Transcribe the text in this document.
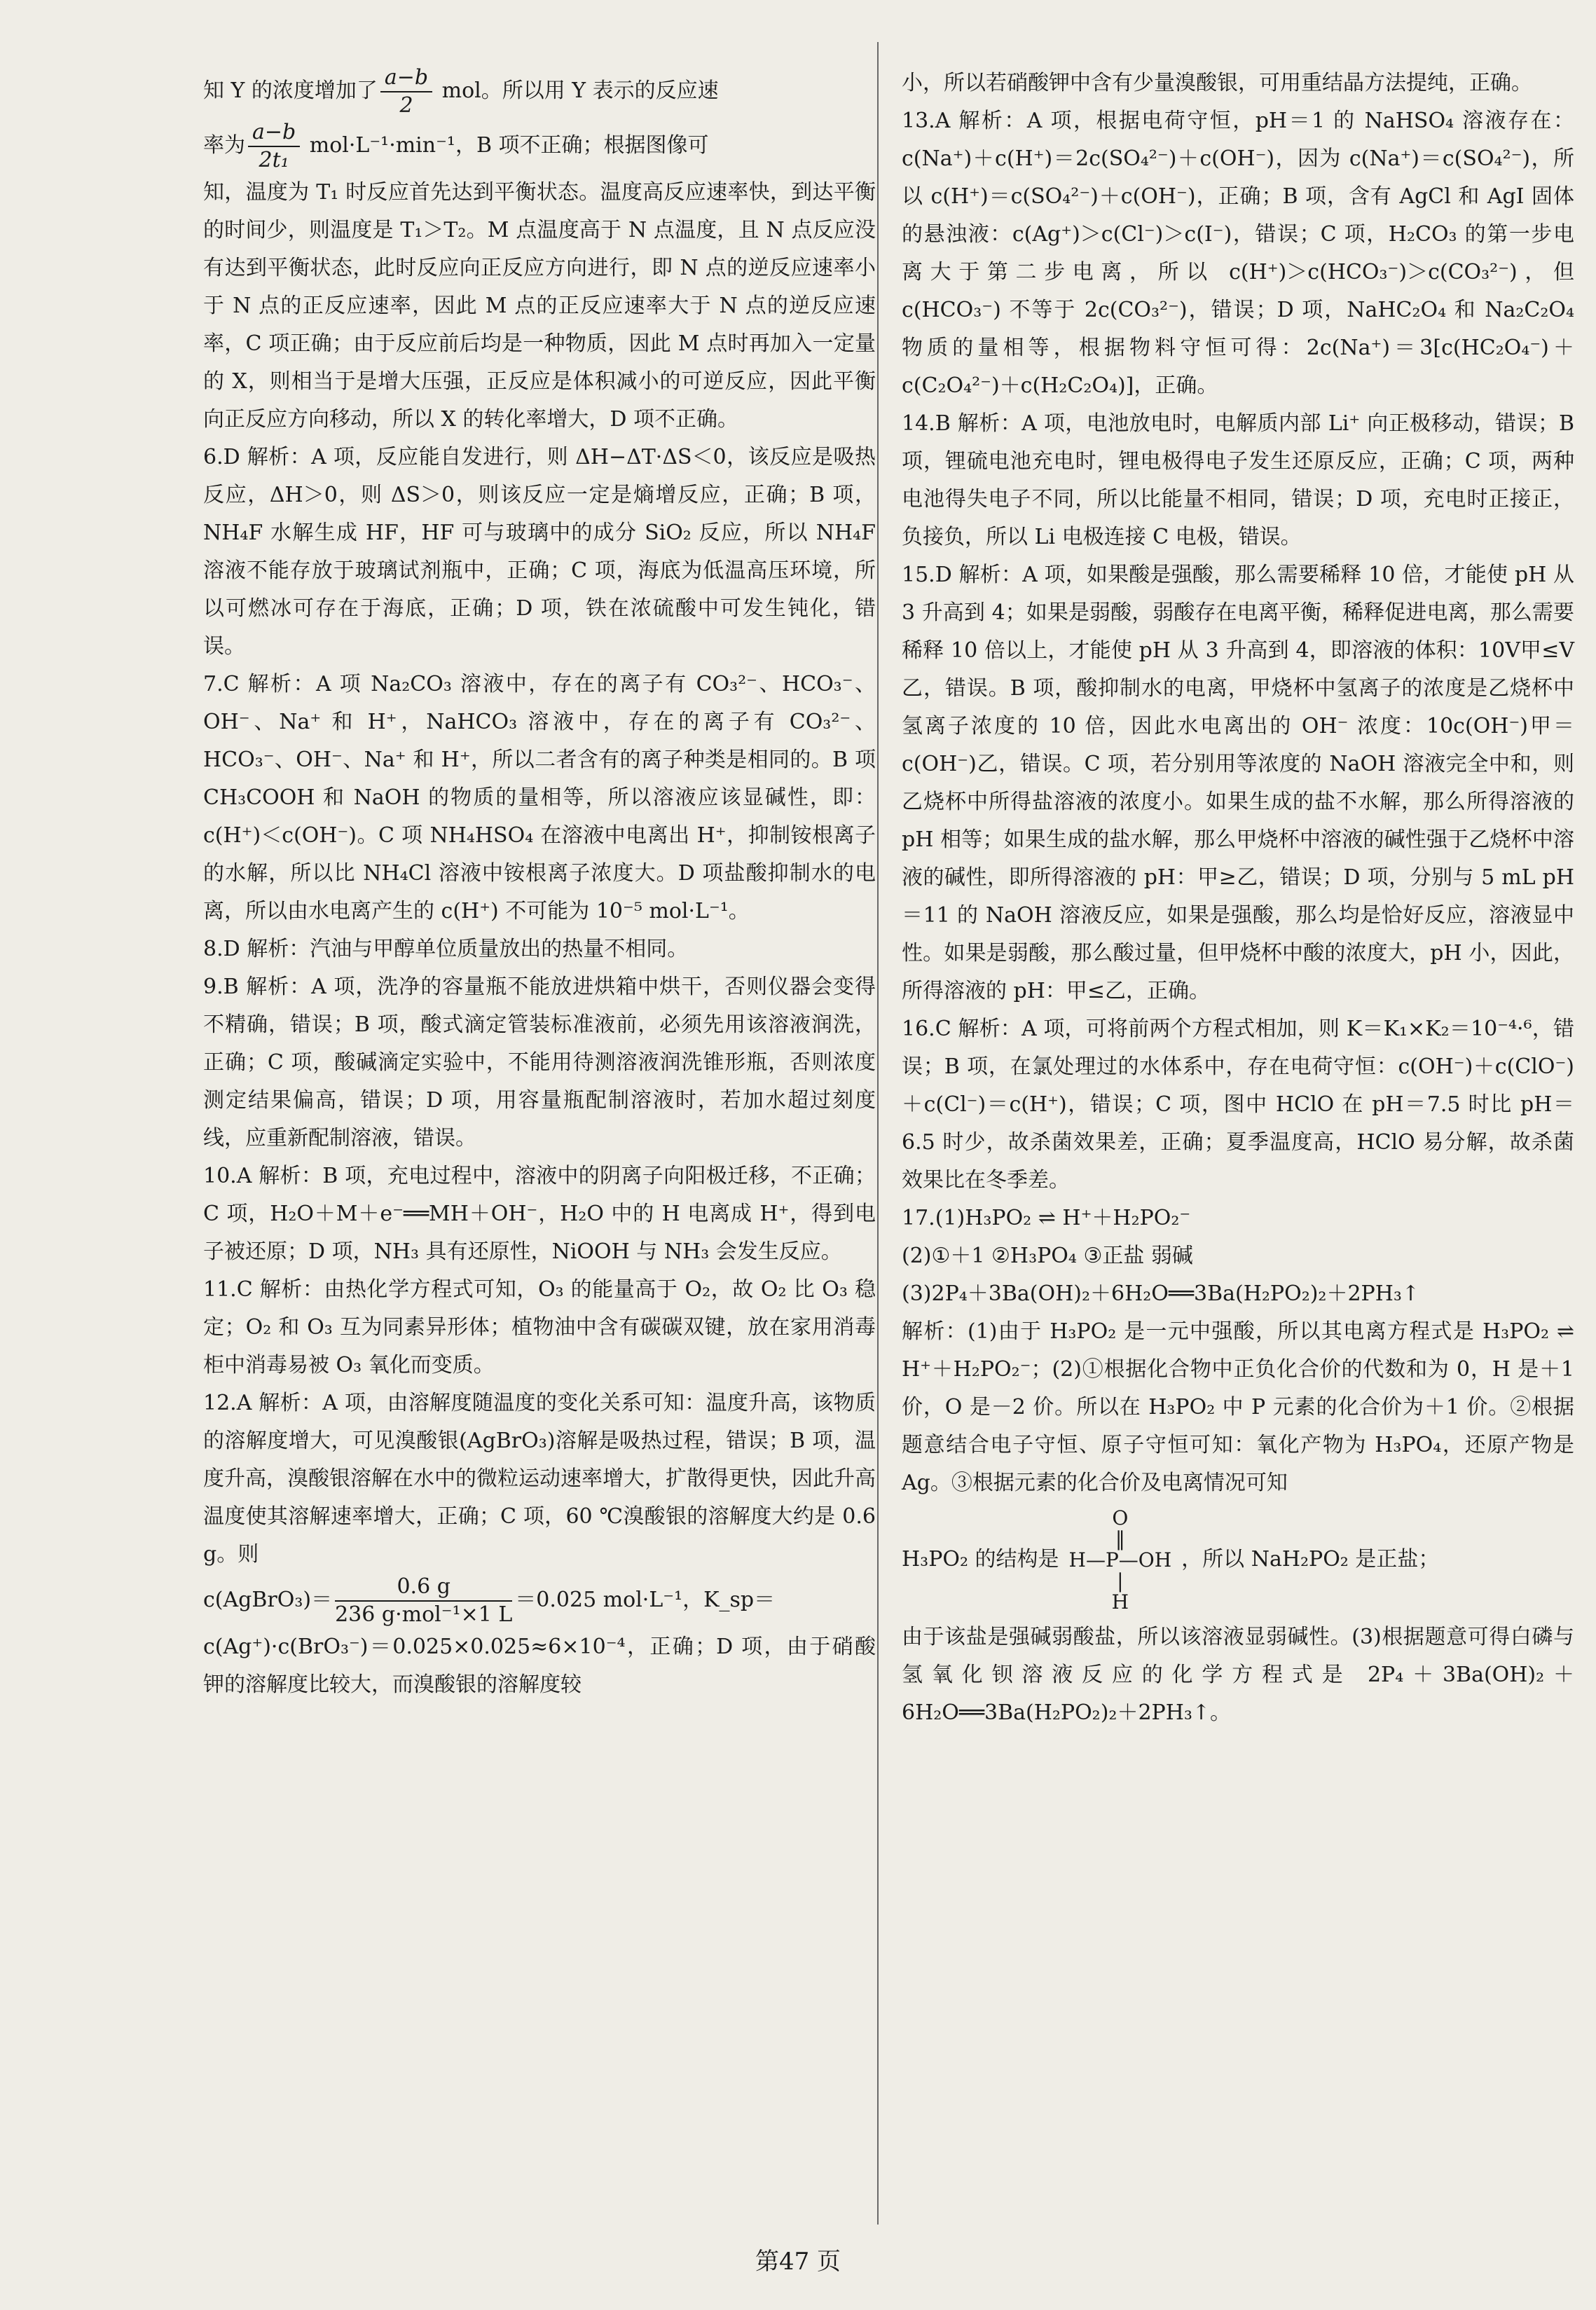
知 Y 的浓度增加了 $\frac{a-b}{2}$ mol。所以用 Y 表示的反应速

率为 $\frac{a-b}{\text{2t₁}} mol\cdot L^{-1}\cdot\min^{-1}$，B 项不正确；根据图像可

知，温度为 T₁ 时反应首先达到平衡状态。温度高反应速率快，到达平衡的时间少，则温度是 T₁＞T₂。M 点温度高于 N 点温度，且 N 点反应没有达到平衡状态，此时反应向正反应方向进行，即 N 点的逆反应速率小于 N 点的正反应速率，因此 M 点的正反应速率大于 N 点的逆反应速率，C 项正确；由于反应前后均是一种物质，因此 M 点时再加入一定量的 X，则相当于是增大压强，正反应是体积减小的可逆反应，因此平衡向正反应方向移动，所以 X 的转化率增大，D 项不正确。

6.D 解析：A 项，反应能自发进行，则 ΔH−ΔT·ΔS＜0，该反应是吸热反应，ΔH＞0，则 ΔS＞0，则该反应一定是熵增反应，正确；B 项，NH₄F 水解生成 HF，HF 可与玻璃中的成分 SiO₂ 反应，所以 NH₄F 溶液不能存放于玻璃试剂瓶中，正确；C 项，海底为低温高压环境，所以可燃冰可存在于海底，正确；D 项，铁在浓硫酸中可发生钝化，错误。

7.C 解析：A 项 Na₂CO₃ 溶液中，存在的离子有 CO₃²⁻、HCO₃⁻、OH⁻、Na⁺ 和 H⁺，NaHCO₃ 溶液中，存在的离子有 CO₃²⁻、HCO₃⁻、OH⁻、Na⁺ 和 H⁺，所以二者含有的离子种类是相同的。B 项 CH₃COOH 和 NaOH 的物质的量相等，所以溶液应该显碱性，即：c(H⁺)＜c(OH⁻)。C 项 NH₄HSO₄ 在溶液中电离出 H⁺，抑制铵根离子的水解，所以比 NH₄Cl 溶液中铵根离子浓度大。D 项盐酸抑制水的电离，所以由水电离产生的 c(H⁺) 不可能为 10⁻⁵ mol·L⁻¹。

8.D 解析：汽油与甲醇单位质量放出的热量不相同。

9.B 解析：A 项，洗净的容量瓶不能放进烘箱中烘干，否则仪器会变得不精确，错误；B 项，酸式滴定管装标准液前，必须先用该溶液润洗，正确；C 项，酸碱滴定实验中，不能用待测溶液润洗锥形瓶，否则浓度测定结果偏高，错误；D 项，用容量瓶配制溶液时，若加水超过刻度线，应重新配制溶液，错误。

10.A 解析：B 项，充电过程中，溶液中的阴离子向阳极迁移，不正确；C 项，H₂O＋M＋e⁻══MH＋OH⁻，H₂O 中的 H 电离成 H⁺，得到电子被还原；D 项，NH₃ 具有还原性，NiOOH 与 NH₃ 会发生反应。

11.C 解析：由热化学方程式可知，O₃ 的能量高于 O₂，故 O₂ 比 O₃ 稳定；O₂ 和 O₃ 互为同素异形体；植物油中含有碳碳双键，放在家用消毒柜中消毒易被 O₃ 氧化而变质。

12.A 解析：A 项，由溶解度随温度的变化关系可知：温度升高，该物质的溶解度增大，可见溴酸银(AgBrO₃)溶解是吸热过程，错误；B 项，温度升高，溴酸银溶解在水中的微粒运动速率增大，扩散得更快，因此升高温度使其溶解速率增大，正确；C 项，60 ℃溴酸银的溶解度大约是 0.6 g。则

c(AgBrO₃)＝ $\frac{0.6 g}{\text{236 g·mol⁻¹×1 L}} =0.025$ mol·L⁻¹，K_sp＝

c(Ag⁺)·c(BrO₃⁻)＝0.025×0.025≈6×10⁻⁴，正确；D 项，由于硝酸钾的溶解度比较大，而溴酸银的溶解度较

小，所以若硝酸钾中含有少量溴酸银，可用重结晶方法提纯，正确。

13.A 解析：A 项，根据电荷守恒，pH＝1 的 NaHSO₄ 溶液存在：c(Na⁺)＋c(H⁺)＝2c(SO₄²⁻)＋c(OH⁻)，因为 c(Na⁺)＝c(SO₄²⁻)，所以 c(H⁺)＝c(SO₄²⁻)＋c(OH⁻)，正确；B 项，含有 AgCl 和 AgI 固体的悬浊液：c(Ag⁺)＞c(Cl⁻)＞c(I⁻)，错误；C 项，H₂CO₃ 的第一步电离大于第二步电离，所以 c(H⁺)＞c(HCO₃⁻)＞c(CO₃²⁻)，但 c(HCO₃⁻) 不等于 2c(CO₃²⁻)，错误；D 项，NaHC₂O₄ 和 Na₂C₂O₄ 物质的量相等，根据物料守恒可得：2c(Na⁺)＝3[c(HC₂O₄⁻)＋c(C₂O₄²⁻)＋c(H₂C₂O₄)]，正确。

14.B 解析：A 项，电池放电时，电解质内部 Li⁺ 向正极移动，错误；B 项，锂硫电池充电时，锂电极得电子发生还原反应，正确；C 项，两种电池得失电子不同，所以比能量不相同，错误；D 项，充电时正接正，负接负，所以 Li 电极连接 C 电极，错误。

15.D 解析：A 项，如果酸是强酸，那么需要稀释 10 倍，才能使 pH 从 3 升高到 4；如果是弱酸，弱酸存在电离平衡，稀释促进电离，那么需要稀释 10 倍以上，才能使 pH 从 3 升高到 4，即溶液的体积：10V甲≤V乙，错误。B 项，酸抑制水的电离，甲烧杯中氢离子的浓度是乙烧杯中氢离子浓度的 10 倍，因此水电离出的 OH⁻ 浓度：10c(OH⁻)甲＝c(OH⁻)乙，错误。C 项，若分别用等浓度的 NaOH 溶液完全中和，则乙烧杯中所得盐溶液的浓度小。如果生成的盐不水解，那么所得溶液的 pH 相等；如果生成的盐水解，那么甲烧杯中溶液的碱性强于乙烧杯中溶液的碱性，即所得溶液的 pH：甲≥乙，错误；D 项，分别与 5 mL pH＝11 的 NaOH 溶液反应，如果是强酸，那么均是恰好反应，溶液显中性。如果是弱酸，那么酸过量，但甲烧杯中酸的浓度大，pH 小，因此，所得溶液的 pH：甲≤乙，正确。

16.C 解析：A 项，可将前两个方程式相加，则 K＝K₁×K₂＝10⁻⁴·⁶，错误；B 项，在氯处理过的水体系中，存在电荷守恒：c(OH⁻)＋c(ClO⁻)＋c(Cl⁻)＝c(H⁺)，错误；C 项，图中 HClO 在 pH＝7.5 时比 pH＝6.5 时少，故杀菌效果差，正确；夏季温度高，HClO 易分解，故杀菌效果比在冬季差。

17.(1)H₃PO₂ ⇌ H⁺＋H₂PO₂⁻

(2)①＋1 ②H₃PO₄ ③正盐 弱碱

(3)2P₄＋3Ba(OH)₂＋6H₂O══3Ba(H₂PO₂)₂＋2PH₃↑

解析：(1)由于 H₃PO₂ 是一元中强酸，所以其电离方程式是 H₃PO₂ ⇌ H⁺＋H₂PO₂⁻；(2)①根据化合物中正负化合价的代数和为 0，H 是＋1 价，O 是－2 价。所以在 H₃PO₂ 中 P 元素的化合价为＋1 价。②根据题意结合电子守恒、原子守恒可知：氧化产物为 H₃PO₄，还原产物是 Ag。③根据元素的化合价及电离情况可知

H₃PO₂ 的结构是
O
‖
H—P—OH
|
H
，所以 NaH₂PO₂ 是正盐；

由于该盐是强碱弱酸盐，所以该溶液显弱碱性。(3)根据题意可得白磷与氢氧化钡溶液反应的化学方程式是 2P₄＋3Ba(OH)₂＋6H₂O══3Ba(H₂PO₂)₂＋2PH₃↑。

第47 页
